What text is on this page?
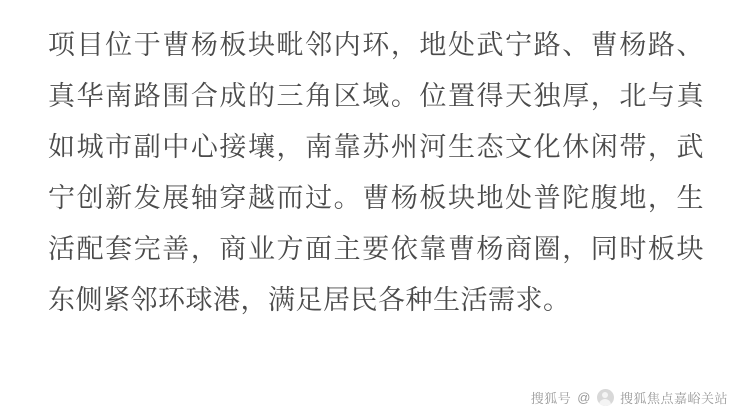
项目位于曹杨板块毗邻内环，地处武宁路、曹杨路、真华南路围合成的三角区域。位置得天独厚，北与真如城市副中心接壤，南靠苏州河生态文化休闲带，武宁创新发展轴穿越而过。曹杨板块地处普陀腹地，生活配套完善，商业方面主要依靠曹杨商圈，同时板块东侧紧邻环球港，满足居民各种生活需求。

搜狐号 @ 搜狐焦点嘉峪关站
